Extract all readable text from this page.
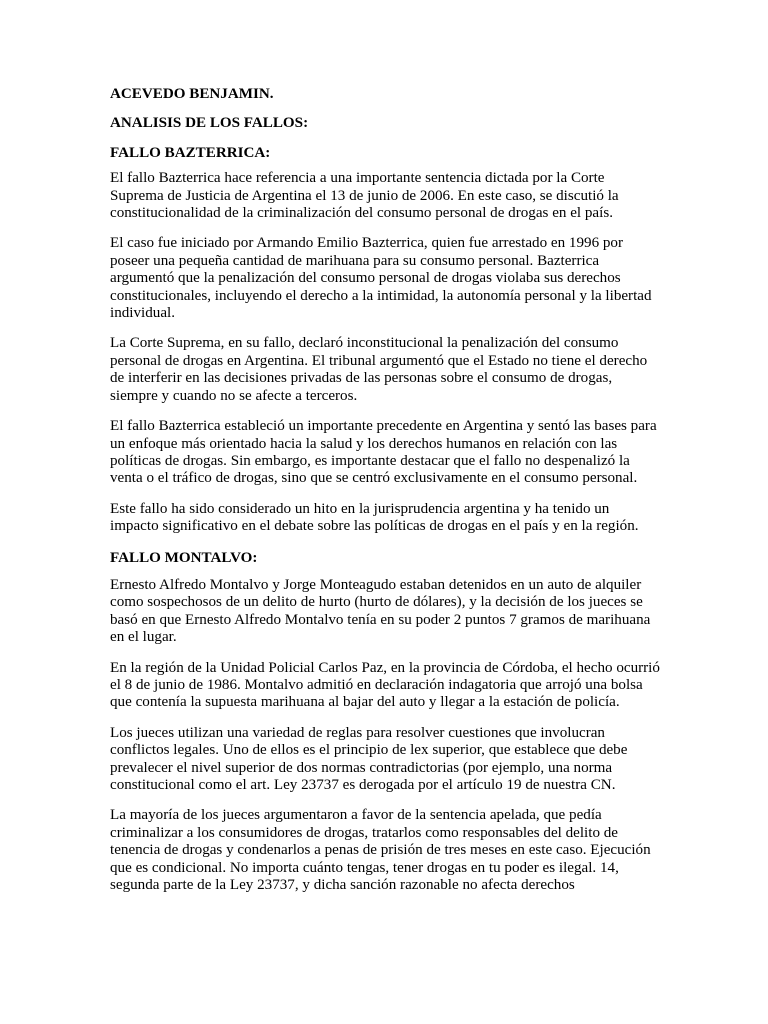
ACEVEDO BENJAMIN.
ANALISIS DE LOS FALLOS:
FALLO BAZTERRICA:

El fallo Bazterrica hace referencia a una importante sentencia dictada por la Corte Suprema de Justicia de Argentina el 13 de junio de 2006. En este caso, se discutió la constitucionalidad de la criminalización del consumo personal de drogas en el país.

El caso fue iniciado por Armando Emilio Bazterrica, quien fue arrestado en 1996 por poseer una pequeña cantidad de marihuana para su consumo personal. Bazterrica argumentó que la penalización del consumo personal de drogas violaba sus derechos constitucionales, incluyendo el derecho a la intimidad, la autonomía personal y la libertad individual.

La Corte Suprema, en su fallo, declaró inconstitucional la penalización del consumo personal de drogas en Argentina. El tribunal argumentó que el Estado no tiene el derecho de interferir en las decisiones privadas de las personas sobre el consumo de drogas, siempre y cuando no se afecte a terceros.

El fallo Bazterrica estableció un importante precedente en Argentina y sentó las bases para un enfoque más orientado hacia la salud y los derechos humanos en relación con las políticas de drogas. Sin embargo, es importante destacar que el fallo no despenalizó la venta o el tráfico de drogas, sino que se centró exclusivamente en el consumo personal.

Este fallo ha sido considerado un hito en la jurisprudencia argentina y ha tenido un impacto significativo en el debate sobre las políticas de drogas en el país y en la región.

FALLO MONTALVO:

Ernesto Alfredo Montalvo y Jorge Monteagudo estaban detenidos en un auto de alquiler como sospechosos de un delito de hurto (hurto de dólares), y la decisión de los jueces se basó en que Ernesto Alfredo Montalvo tenía en su poder 2 puntos 7 gramos de marihuana en el lugar.

En la región de la Unidad Policial Carlos Paz, en la provincia de Córdoba, el hecho ocurrió el 8 de junio de 1986. Montalvo admitió en declaración indagatoria que arrojó una bolsa que contenía la supuesta marihuana al bajar del auto y llegar a la estación de policía.

Los jueces utilizan una variedad de reglas para resolver cuestiones que involucran conflictos legales. Uno de ellos es el principio de lex superior, que establece que debe prevalecer el nivel superior de dos normas contradictorias (por ejemplo, una norma constitucional como el art. Ley 23737 es derogada por el artículo 19 de nuestra CN.

La mayoría de los jueces argumentaron a favor de la sentencia apelada, que pedía criminalizar a los consumidores de drogas, tratarlos como responsables del delito de tenencia de drogas y condenarlos a penas de prisión de tres meses en este caso. Ejecución que es condicional. No importa cuánto tengas, tener drogas en tu poder es ilegal. 14, segunda parte de la Ley 23737, y dicha sanción razonable no afecta derechos
